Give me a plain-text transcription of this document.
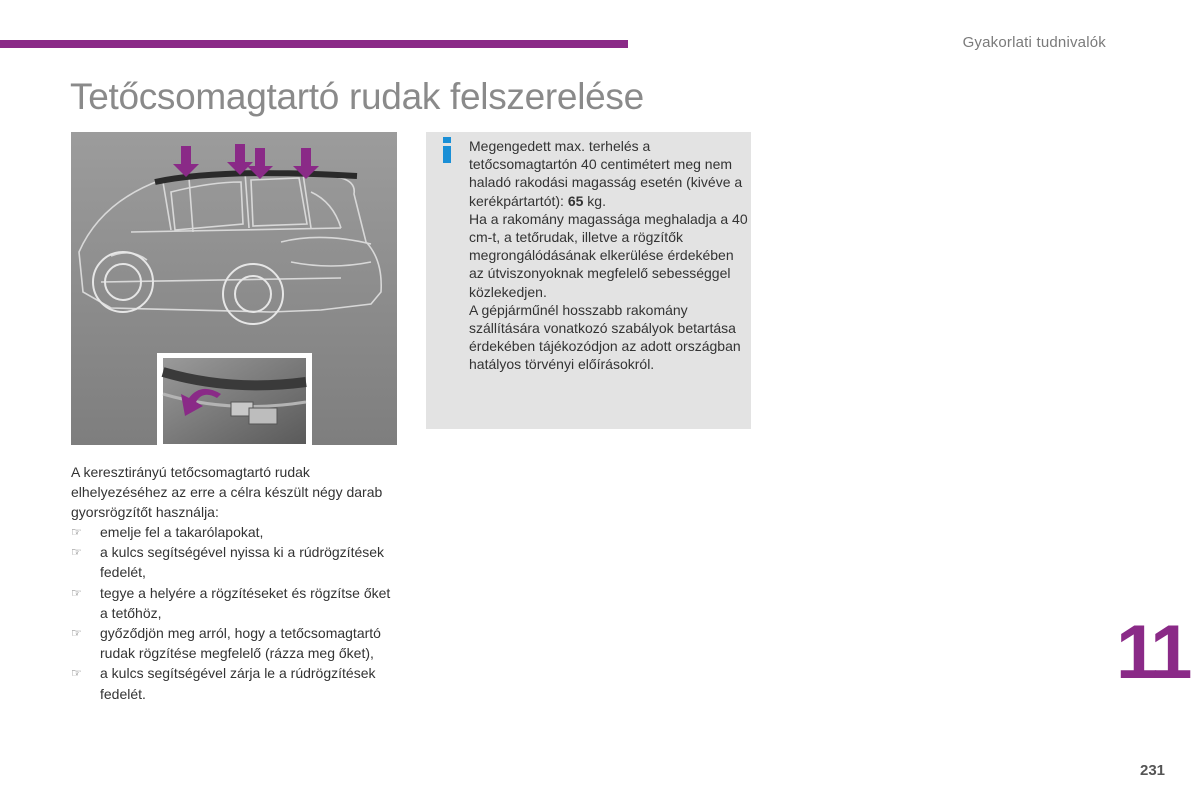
Gyakorlati tudnivalók
Tetőcsomagtartó rudak felszerelése

Megengedett max. terhelés a tetőcsomagtartón 40 centimétert meg nem haladó rakodási magasság esetén (kivéve a kerékpártartót): 65 kg.

Ha a rakomány magassága meghaladja a 40 cm-t, a tetőrudak, illetve a rögzítők megrongálódásának elkerülése érdekében az útviszonyoknak megfelelő sebességgel közlekedjen.

A gépjárműnél hosszabb rakomány szállítására vonatkozó szabályok betartása érdekében tájékozódjon az adott országban hatályos törvényi előírásokról.

A keresztirányú tetőcsomagtartó rudak elhelyezéséhez az erre a célra készült négy darab gyorsrögzítőt használja:
☞ emelje fel a takarólapokat,
☞ a kulcs segítségével nyissa ki a rúdrögzítések fedelét,
☞ tegye a helyére a rögzítéseket és rögzítse őket a tetőhöz,
☞ győződjön meg arról, hogy a tetőcsomagtartó rudak rögzítése megfelelő (rázza meg őket),
☞ a kulcs segítségével zárja le a rúdrögzítések fedelét.	11
231
